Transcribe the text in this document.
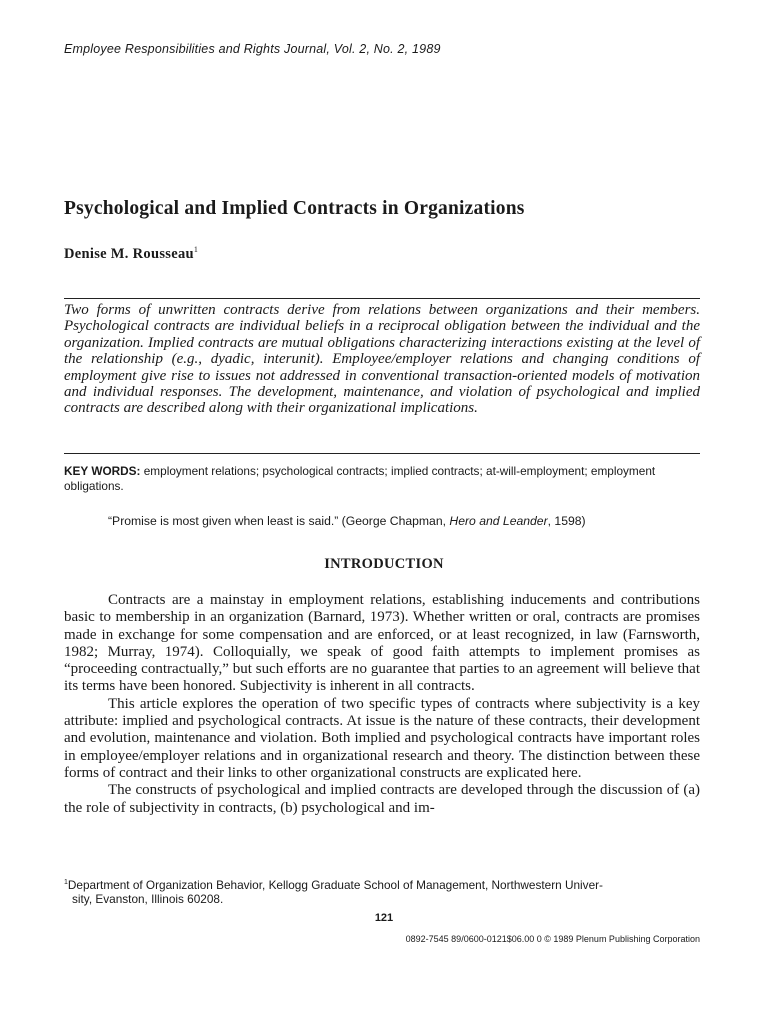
Employee Responsibilities and Rights Journal, Vol. 2, No. 2, 1989
Psychological and Implied Contracts in Organizations
Denise M. Rousseau$^1$
Two forms of unwritten contracts derive from relations between organizations and their members. Psychological contracts are individual beliefs in a reciprocal obligation between the individual and the organization. Implied contracts are mutual obligations characterizing interactions existing at the level of the relationship (e.g., dyadic, interunit). Employee/employer relations and changing conditions of employment give rise to issues not addressed in conventional transaction-oriented models of motivation and individual responses. The development, maintenance, and violation of psychological and implied contracts are described along with their organizational implications.
KEY WORDS: employment relations; psychological contracts; implied contracts; at-will-employment; employment obligations.
“Promise is most given when least is said.” (George Chapman, Hero and Leander, 1598)
INTRODUCTION

Contracts are a mainstay in employment relations, establishing inducements and contributions basic to membership in an organization (Barnard, 1973). Whether written or oral, contracts are promises made in exchange for some compensation and are enforced, or at least recognized, in law (Farnsworth, 1982; Murray, 1974). Colloquially, we speak of good faith attempts to implement promises as “proceeding contractually,” but such efforts are no guarantee that parties to an agreement will believe that its terms have been honored. Subjectivity is inherent in all contracts.

This article explores the operation of two specific types of contracts where subjectivity is a key attribute: implied and psychological contracts. At issue is the nature of these contracts, their development and evolution, maintenance and violation. Both implied and psychological contracts have important roles in employee/employer relations and in organizational research and theory. The distinction between these forms of contract and their links to other organizational constructs are explicated here.

The constructs of psychological and implied contracts are developed through the discussion of (a) the role of subjectivity in contracts, (b) psychological and im-

$^1$Department of Organization Behavior, Kellogg Graduate School of Management, Northwestern Univer-
sity, Evanston, Illinois 60208.
121
0892-7545 89/0600-0121$06.00 0 © 1989 Plenum Publishing Corporation
